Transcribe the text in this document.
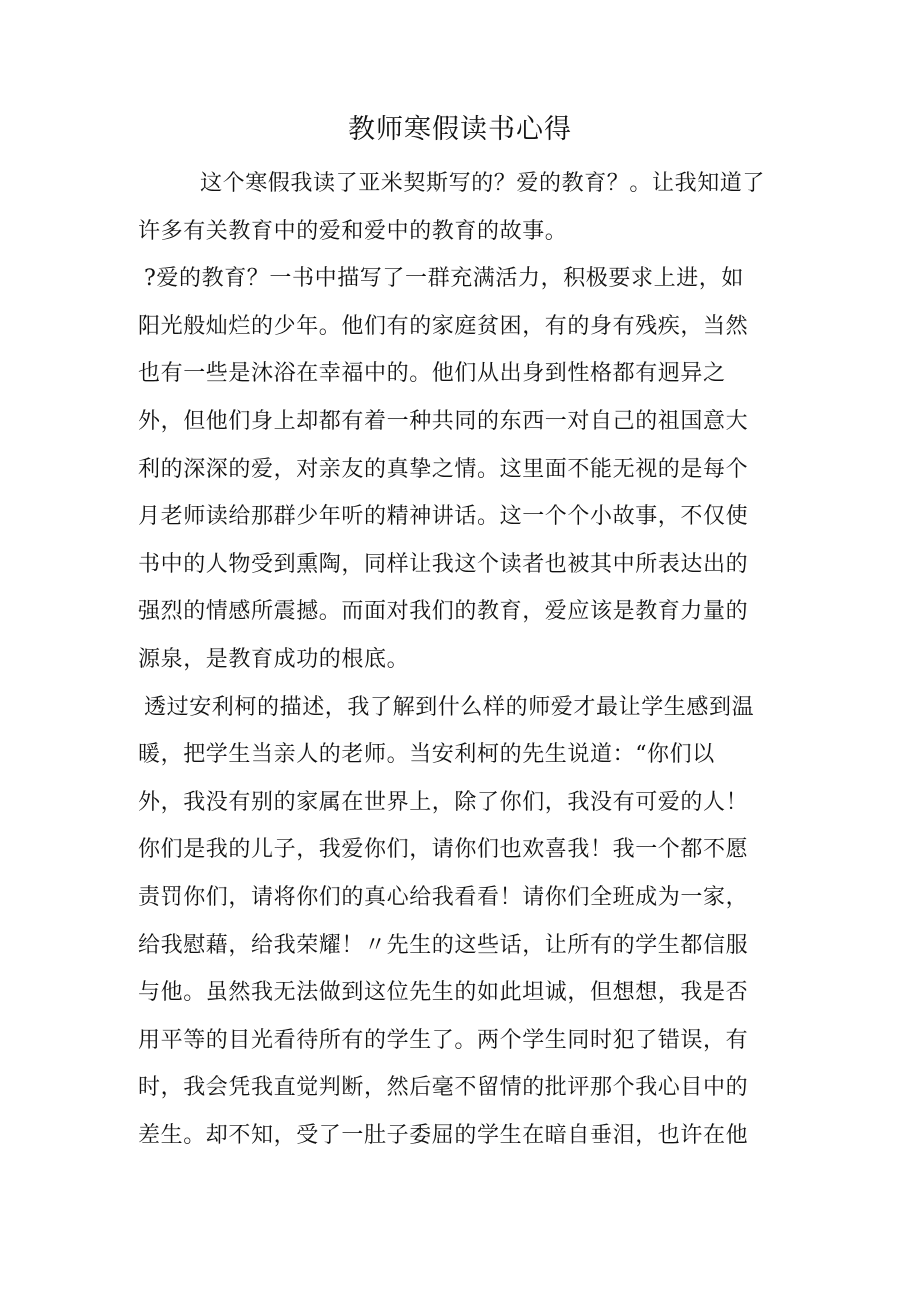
教师寒假读书心得
这个寒假我读了亚米契斯写的？爱的教育？。让我知道了
许多有关教育中的爱和爱中的教育的故事。
?爱的教育？一书中描写了一群充满活力，积极要求上进，如
阳光般灿烂的少年。他们有的家庭贫困，有的身有残疾，当然
也有一些是沐浴在幸福中的。他们从出身到性格都有迥异之
外，但他们身上却都有着一种共同的东西一对自己的祖国意大
利的深深的爱，对亲友的真挚之情。这里面不能无视的是每个
月老师读给那群少年听的精神讲话。这一个个小故事，不仅使
书中的人物受到熏陶，同样让我这个读者也被其中所表达出的
强烈的情感所震撼。而面对我们的教育，爱应该是教育力量的
源泉，是教育成功的根底。
透过安利柯的描述，我了解到什么样的师爱才最让学生感到温
暖，把学生当亲人的老师。当安利柯的先生说道：“你们以
外，我没有别的家属在世界上，除了你们，我没有可爱的人！
你们是我的儿子，我爱你们，请你们也欢喜我！我一个都不愿
责罚你们，请将你们的真心给我看看！请你们全班成为一家，
给我慰藉，给我荣耀！〃先生的这些话，让所有的学生都信服
与他。虽然我无法做到这位先生的如此坦诚，但想想，我是否
用平等的目光看待所有的学生了。两个学生同时犯了错误，有
时，我会凭我直觉判断，然后毫不留情的批评那个我心目中的
差生。却不知，受了一肚子委屈的学生在暗自垂泪，也许在他
